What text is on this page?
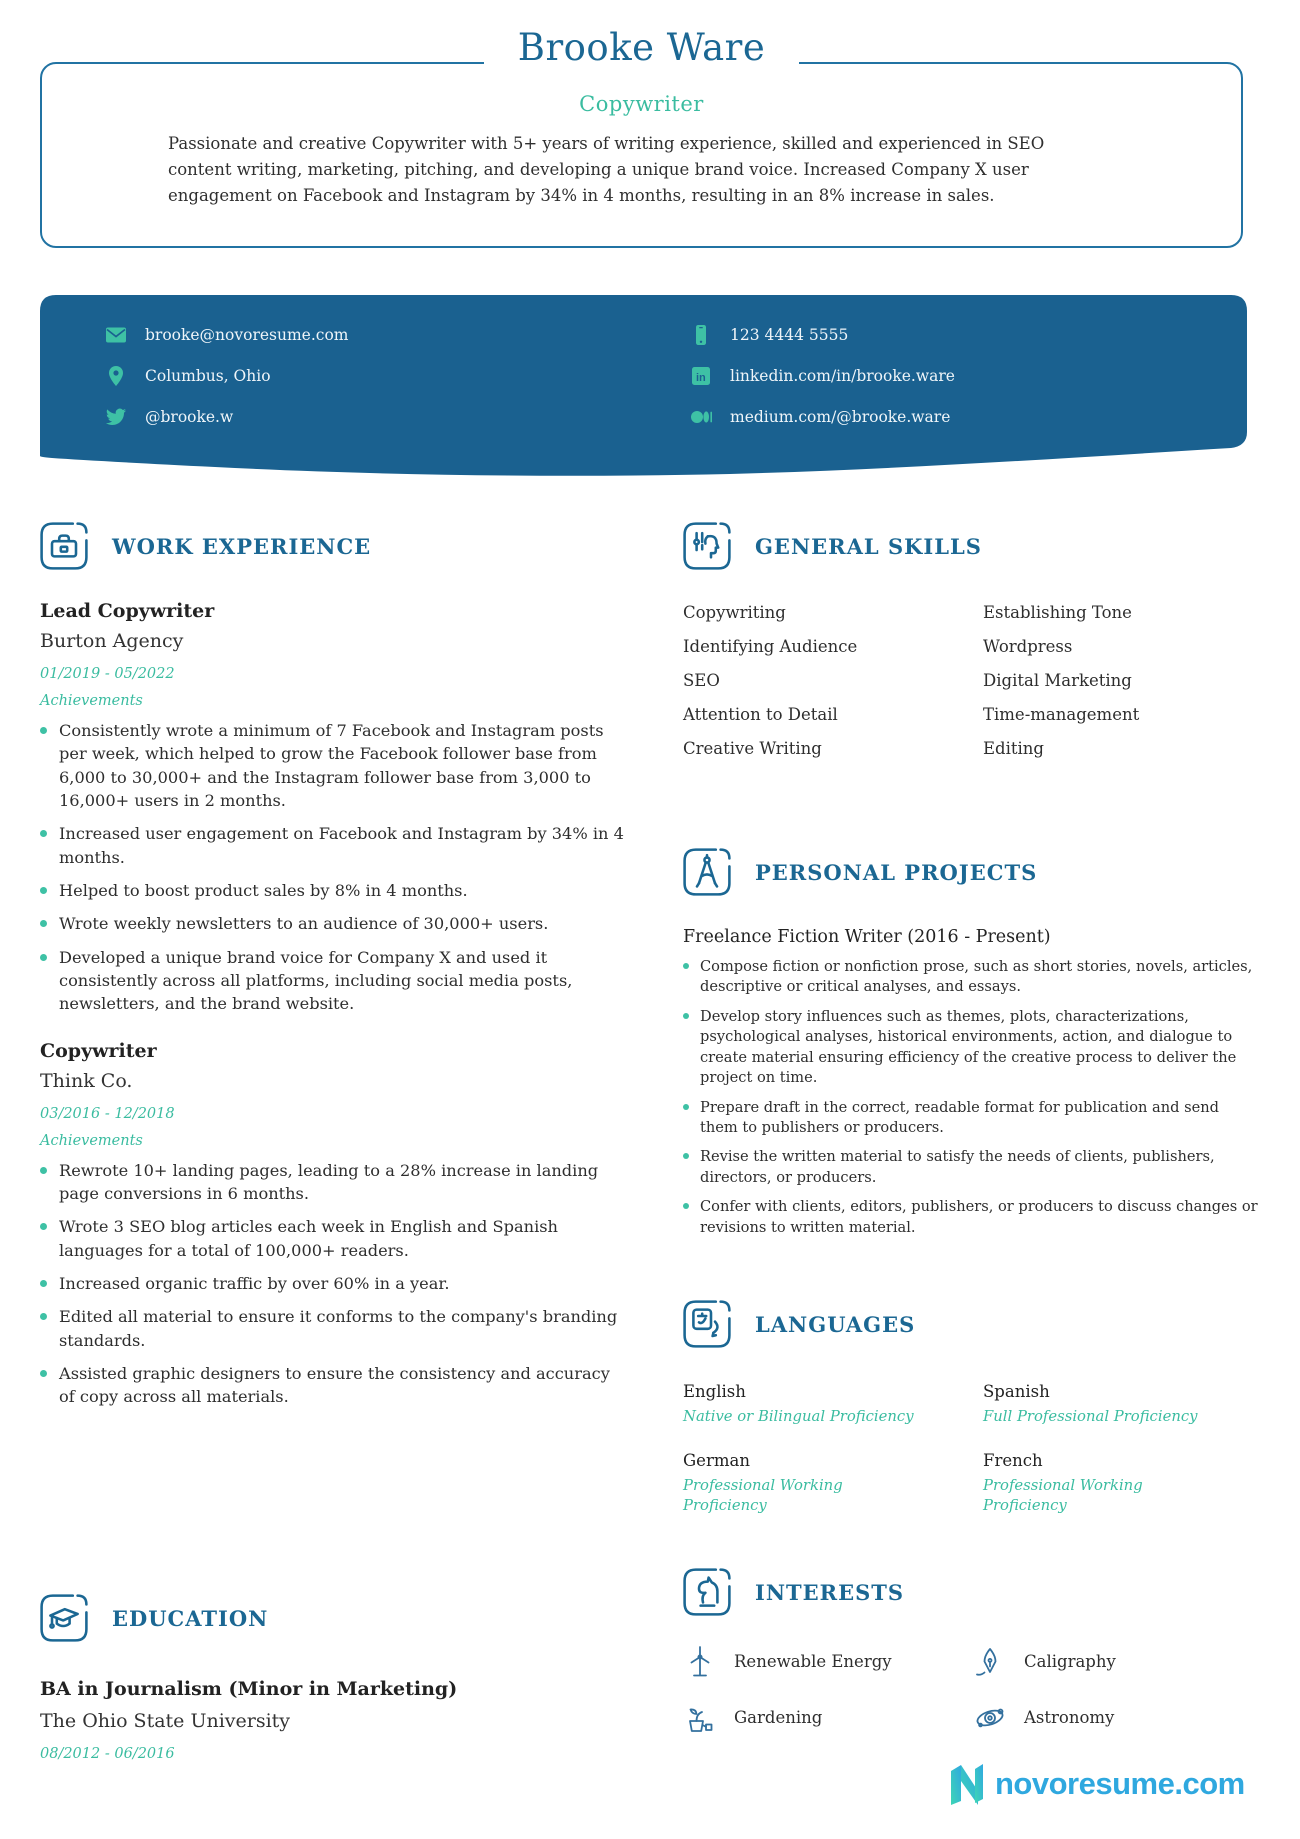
Brooke Ware
Copywriter
Passionate and creative Copywriter with 5+ years of writing experience, skilled and experienced in SEO content writing, marketing, pitching, and developing a unique brand voice. Increased Company X user engagement on Facebook and Instagram by 34% in 4 months, resulting in an 8% increase in sales.
brooke@novoresume.com	123 4444 5555
Columbus, Ohio	in linkedin.com/in/brooke.ware
@brooke.w	medium.com/@brooke.ware
WORK EXPERIENCE
Lead Copywriter
Burton Agency
01/2019 - 05/2022
Achievements
Consistently wrote a minimum of 7 Facebook and Instagram posts per week, which helped to grow the Facebook follower base from 6,000 to 30,000+ and the Instagram follower base from 3,000 to 16,000+ users in 2 months.
Increased user engagement on Facebook and Instagram by 34% in 4 months.
Helped to boost product sales by 8% in 4 months.
Wrote weekly newsletters to an audience of 30,000+ users.
Developed a unique brand voice for Company X and used it consistently across all platforms, including social media posts, newsletters, and the brand website.
Copywriter
Think Co.
03/2016 - 12/2018
Achievements
Rewrote 10+ landing pages, leading to a 28% increase in landing page conversions in 6 months.
Wrote 3 SEO blog articles each week in English and Spanish languages for a total of 100,000+ readers.
Increased organic traffic by over 60% in a year.
Edited all material to ensure it conforms to the company's branding standards.
Assisted graphic designers to ensure the consistency and accuracy of copy across all materials.
EDUCATION
BA in Journalism (Minor in Marketing)
The Ohio State University
08/2012 - 06/2016
GENERAL SKILLS
Copywriting	Establishing Tone
Identifying Audience	Wordpress
SEO	Digital Marketing
Attention to Detail	Time-management
Creative Writing	Editing
PERSONAL PROJECTS
Freelance Fiction Writer (2016 - Present)
Compose fiction or nonfiction prose, such as short stories, novels, articles, descriptive or critical analyses, and essays.
Develop story influences such as themes, plots, characterizations, psychological analyses, historical environments, action, and dialogue to create material ensuring efficiency of the creative process to deliver the project on time.
Prepare draft in the correct, readable format for publication and send them to publishers or producers.
Revise the written material to satisfy the needs of clients, publishers, directors, or producers.
Confer with clients, editors, publishers, or producers to discuss changes or revisions to written material.
LANGUAGES
English
Native or Bilingual Proficiency
Spanish
Full Professional Proficiency
German
Professional Working Proficiency
French
Professional Working Proficiency
INTERESTS
Renewable Energy	Caligraphy
Gardening	Astronomy
novoresume.com
